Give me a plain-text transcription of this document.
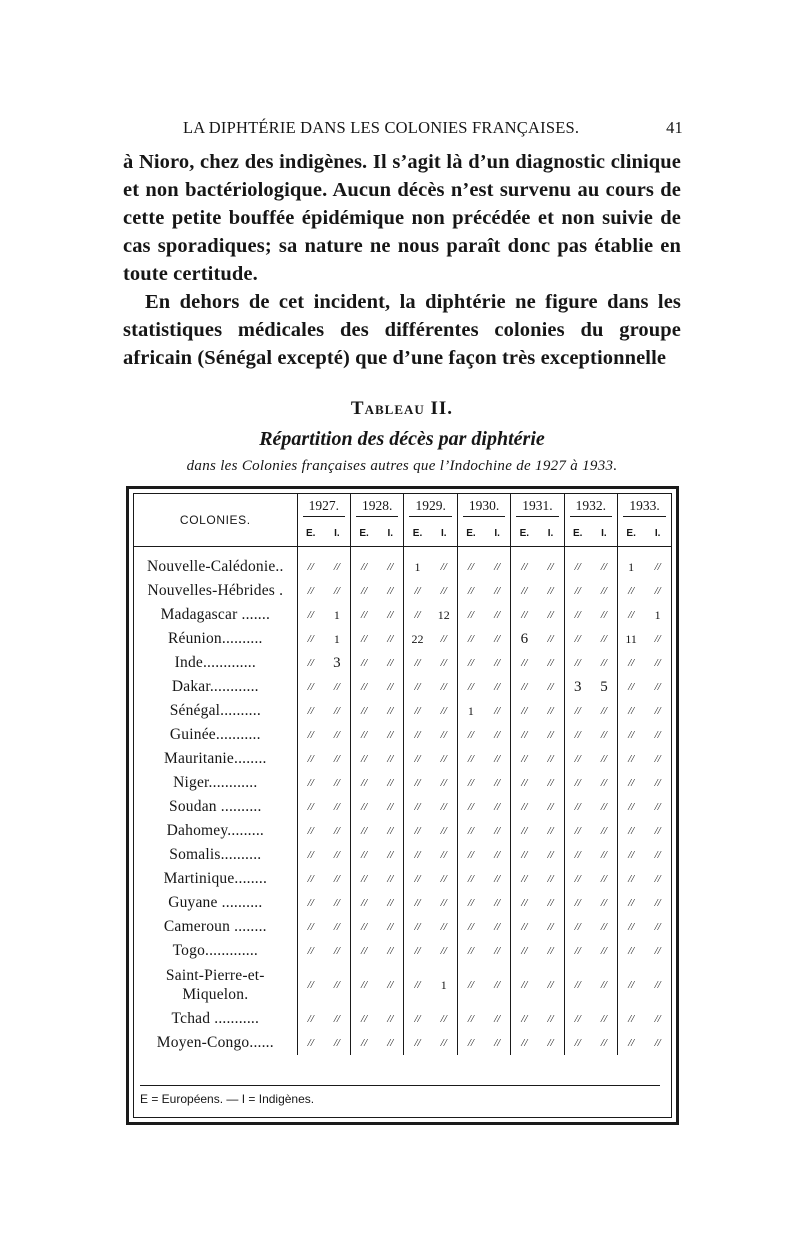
LA DIPHTÉRIE DANS LES COLONIES FRANÇAISES.	41

à Nioro, chez des indigènes. Il s’agit là d’un diagnostic clinique et non bactériologique. Aucun décès n’est survenu au cours de cette petite bouffée épidémique non précédée et non suivie de cas sporadiques; sa nature ne nous paraît donc pas établie en toute certitude.

En dehors de cet incident, la diphtérie ne figure dans les statistiques médicales des différentes colonies du groupe africain (Sénégal excepté) que d’une façon très exceptionnelle

Tableau II.
Répartition des décès par diphtérie
dans les Colonies françaises autres que l’Indochine de 1927 à 1933.
COLONIES.	1927.		1928.		1929.		1930.		1931.		1932.		1933.	
	E.	I.	E.	I.	E.	I.	E.	I.	E.	I.	E.	I.	E.	I.

Nouvelle-Calédonie..	//	//	//	//	1	//	//	//	//	//	//	//	1	//
Nouvelles-Hébrides .	//	//	//	//	//	//	//	//	//	//	//	//	//	//
Madagascar .......	//	1	//	//	//	12	//	//	//	//	//	//	//	1
Réunion..........	//	1	//	//	22	//	//	//	6	//	//	//	11	//
Inde.............	//	3	//	//	//	//	//	//	//	//	//	//	//	//
Dakar............	//	//	//	//	//	//	//	//	//	//	3	5	//	//
Sénégal..........	//	//	//	//	//	//	1	//	//	//	//	//	//	//
Guinée...........	//	//	//	//	//	//	//	//	//	//	//	//	//	//
Mauritanie........	//	//	//	//	//	//	//	//	//	//	//	//	//	//
Niger............	//	//	//	//	//	//	//	//	//	//	//	//	//	//
Soudan ..........	//	//	//	//	//	//	//	//	//	//	//	//	//	//
Dahomey.........	//	//	//	//	//	//	//	//	//	//	//	//	//	//
Somalis..........	//	//	//	//	//	//	//	//	//	//	//	//	//	//
Martinique........	//	//	//	//	//	//	//	//	//	//	//	//	//	//
Guyane ..........	//	//	//	//	//	//	//	//	//	//	//	//	//	//
Cameroun ........	//	//	//	//	//	//	//	//	//	//	//	//	//	//
Togo.............	//	//	//	//	//	//	//	//	//	//	//	//	//	//
Saint-Pierre-et-Miquelon.	//	//	//	//	//	1	//	//	//	//	//	//	//	//
Tchad ...........	//	//	//	//	//	//	//	//	//	//	//	//	//	//
Moyen-Congo......	//	//	//	//	//	//	//	//	//	//	//	//	//	//
E = Européens. — I = Indigènes.
